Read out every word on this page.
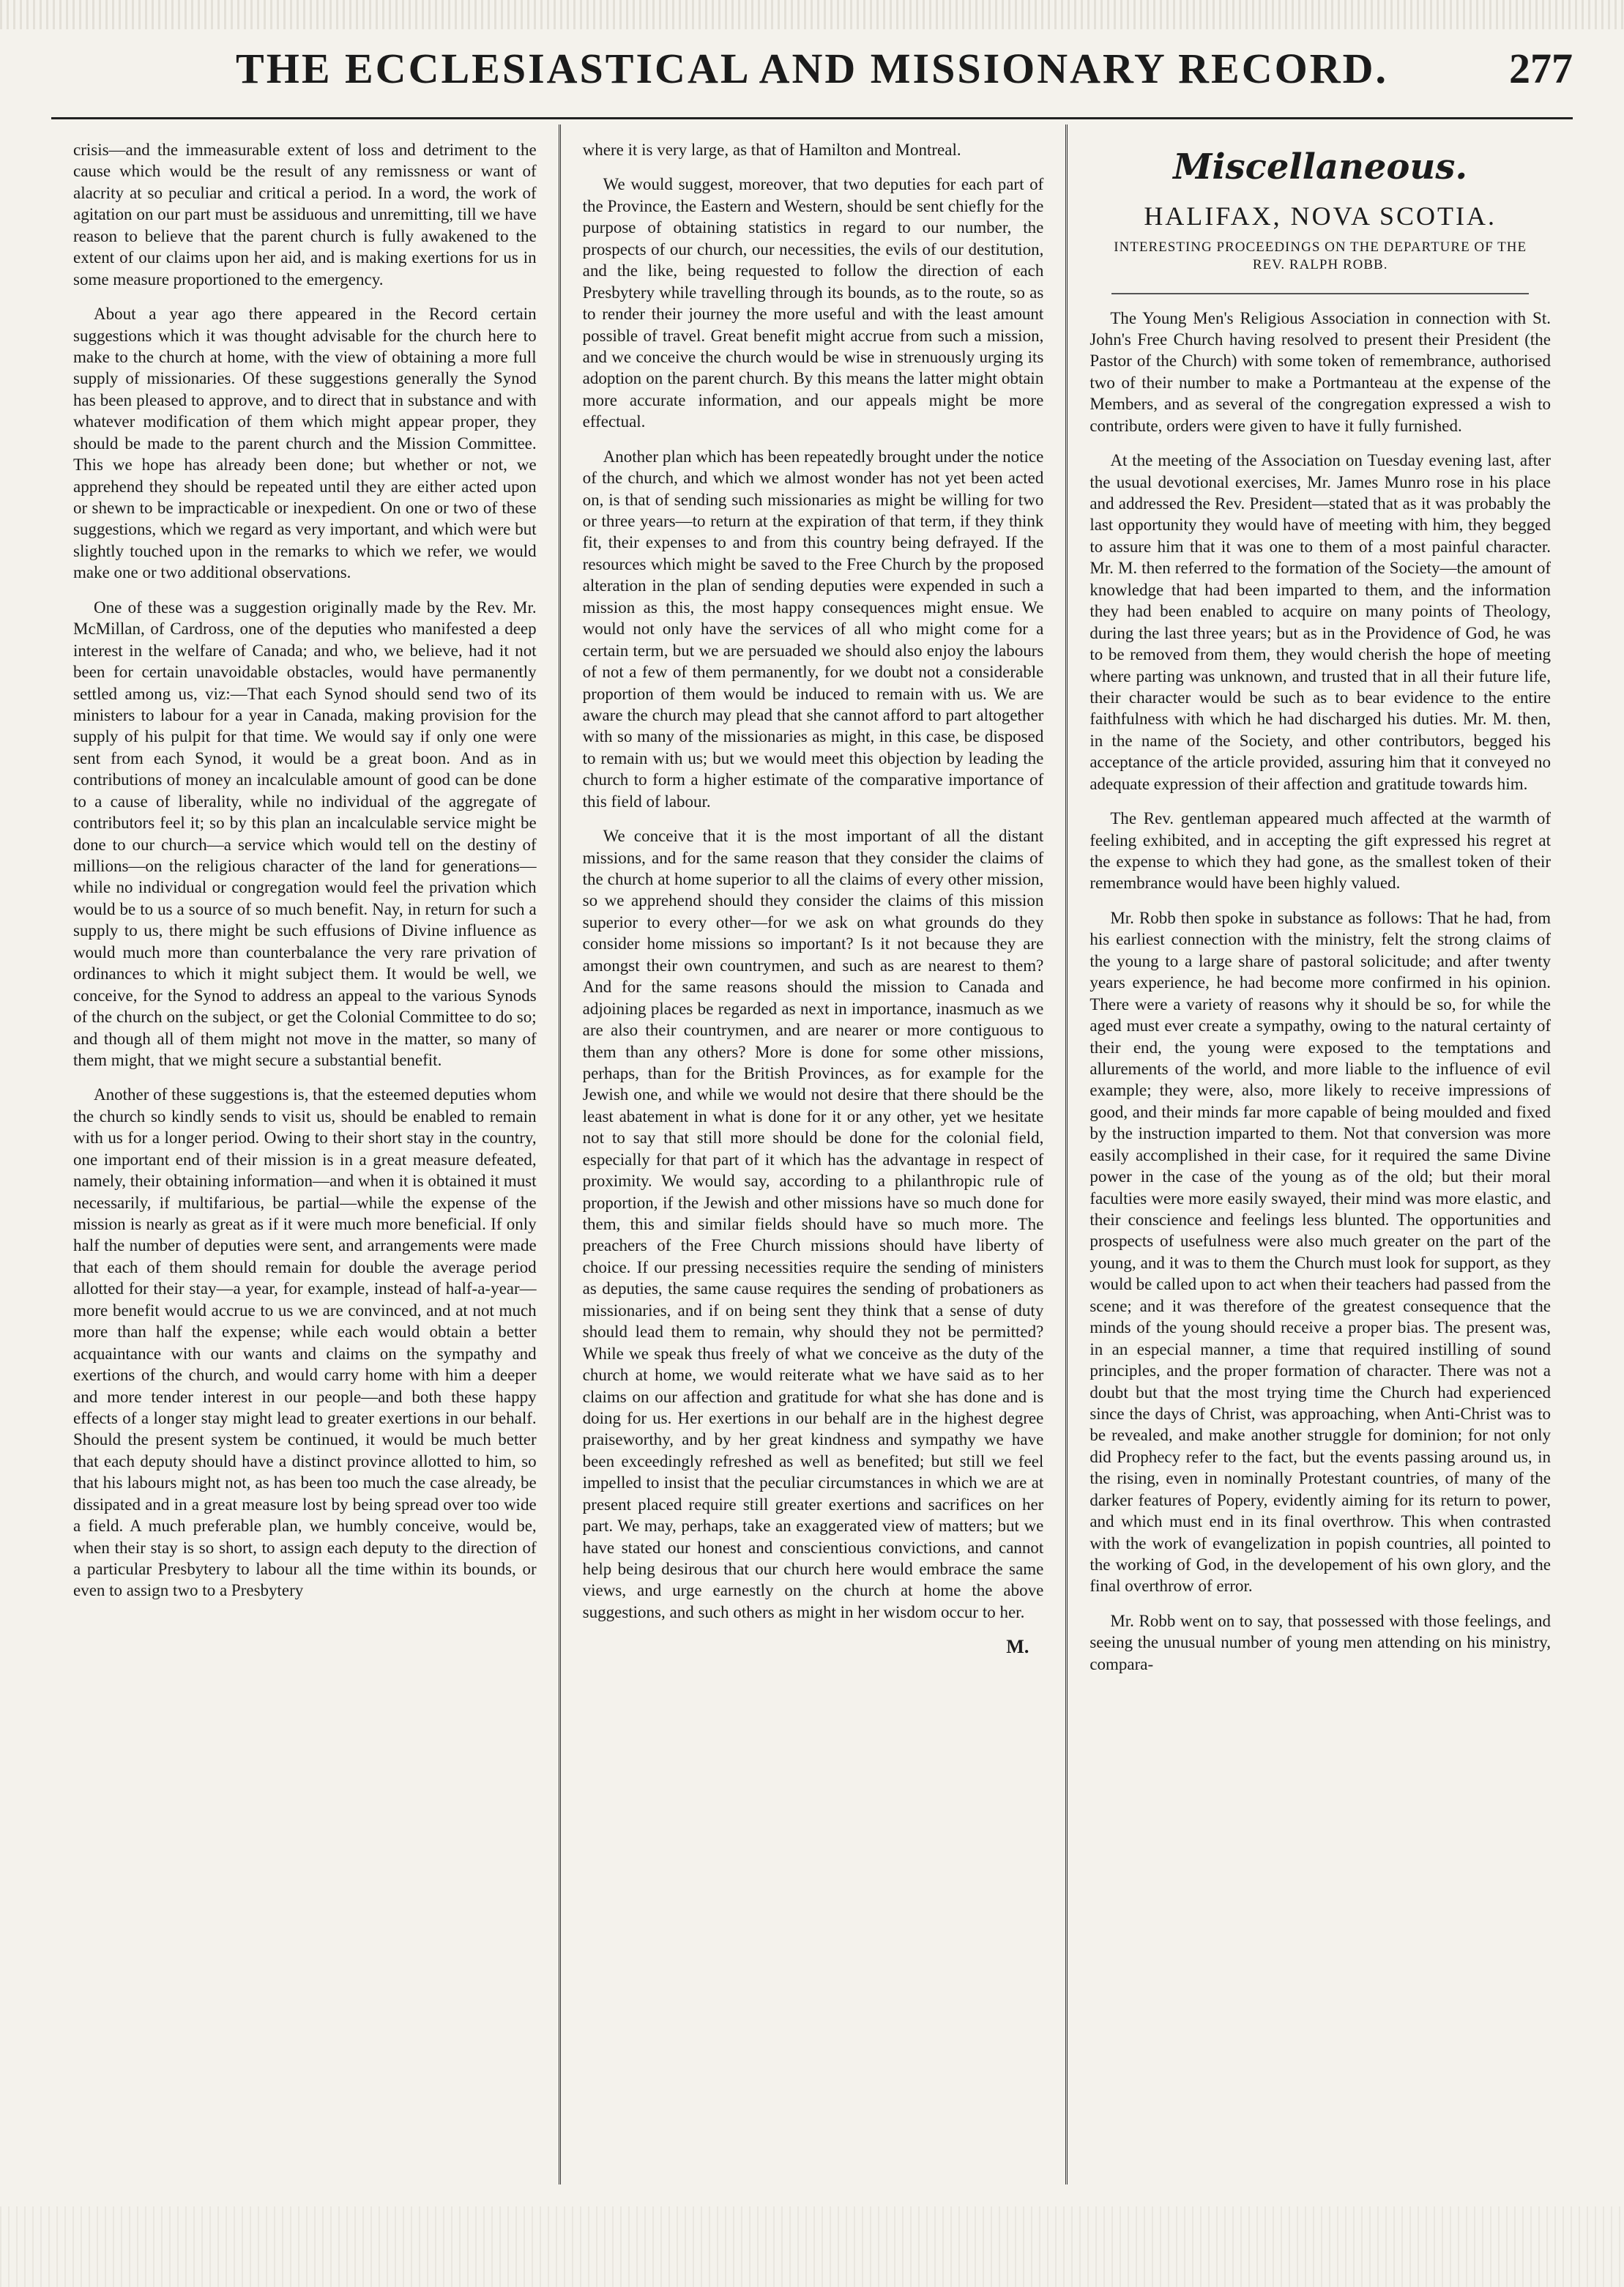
THE ECCLESIASTICAL AND MISSIONARY RECORD.	277

crisis—and the immeasurable extent of loss and detriment to the cause which would be the result of any remissness or want of alacrity at so peculiar and critical a period. In a word, the work of agitation on our part must be assiduous and unremitting, till we have reason to believe that the parent church is fully awakened to the extent of our claims upon her aid, and is making exertions for us in some measure proportioned to the emergency.

About a year ago there appeared in the Record certain suggestions which it was thought advisable for the church here to make to the church at home, with the view of obtaining a more full supply of missionaries. Of these suggestions generally the Synod has been pleased to approve, and to direct that in substance and with whatever modification of them which might appear proper, they should be made to the parent church and the Mission Committee. This we hope has already been done; but whether or not, we apprehend they should be repeated until they are either acted upon or shewn to be impracticable or inexpedient. On one or two of these suggestions, which we regard as very important, and which were but slightly touched upon in the remarks to which we refer, we would make one or two additional observations.

One of these was a suggestion originally made by the Rev. Mr. McMillan, of Cardross, one of the deputies who manifested a deep interest in the welfare of Canada; and who, we believe, had it not been for certain unavoidable obstacles, would have permanently settled among us, viz:—That each Synod should send two of its ministers to labour for a year in Canada, making provision for the supply of his pulpit for that time. We would say if only one were sent from each Synod, it would be a great boon. And as in contributions of money an incalculable amount of good can be done to a cause of liberality, while no individual of the aggregate of contributors feel it; so by this plan an incalculable service might be done to our church—a service which would tell on the destiny of millions—on the religious character of the land for generations—while no individual or congregation would feel the privation which would be to us a source of so much benefit. Nay, in return for such a supply to us, there might be such effusions of Divine influence as would much more than counterbalance the very rare privation of ordinances to which it might subject them. It would be well, we conceive, for the Synod to address an appeal to the various Synods of the church on the subject, or get the Colonial Committee to do so; and though all of them might not move in the matter, so many of them might, that we might secure a substantial benefit.

Another of these suggestions is, that the esteemed deputies whom the church so kindly sends to visit us, should be enabled to remain with us for a longer period. Owing to their short stay in the country, one important end of their mission is in a great measure defeated, namely, their obtaining information—and when it is obtained it must necessarily, if multifarious, be partial—while the expense of the mission is nearly as great as if it were much more beneficial. If only half the number of deputies were sent, and arrangements were made that each of them should remain for double the average period allotted for their stay—a year, for example, instead of half-a-year—more benefit would accrue to us we are convinced, and at not much more than half the expense; while each would obtain a better acquaintance with our wants and claims on the sympathy and exertions of the church, and would carry home with him a deeper and more tender interest in our people—and both these happy effects of a longer stay might lead to greater exertions in our behalf. Should the present system be continued, it would be much better that each deputy should have a distinct province allotted to him, so that his labours might not, as has been too much the case already, be dissipated and in a great measure lost by being spread over too wide a field. A much preferable plan, we humbly conceive, would be, when their stay is so short, to assign each deputy to the direction of a particular Presbytery to labour all the time within its bounds, or even to assign two to a Presbytery

where it is very large, as that of Hamilton and Montreal.

We would suggest, moreover, that two deputies for each part of the Province, the Eastern and Western, should be sent chiefly for the purpose of obtaining statistics in regard to our number, the prospects of our church, our necessities, the evils of our destitution, and the like, being requested to follow the direction of each Presbytery while travelling through its bounds, as to the route, so as to render their journey the more useful and with the least amount possible of travel. Great benefit might accrue from such a mission, and we conceive the church would be wise in strenuously urging its adoption on the parent church. By this means the latter might obtain more accurate information, and our appeals might be more effectual.

Another plan which has been repeatedly brought under the notice of the church, and which we almost wonder has not yet been acted on, is that of sending such missionaries as might be willing for two or three years—to return at the expiration of that term, if they think fit, their expenses to and from this country being defrayed. If the resources which might be saved to the Free Church by the proposed alteration in the plan of sending deputies were expended in such a mission as this, the most happy consequences might ensue. We would not only have the services of all who might come for a certain term, but we are persuaded we should also enjoy the labours of not a few of them permanently, for we doubt not a considerable proportion of them would be induced to remain with us. We are aware the church may plead that she cannot afford to part altogether with so many of the missionaries as might, in this case, be disposed to remain with us; but we would meet this objection by leading the church to form a higher estimate of the comparative importance of this field of labour.

We conceive that it is the most important of all the distant missions, and for the same reason that they consider the claims of the church at home superior to all the claims of every other mission, so we apprehend should they consider the claims of this mission superior to every other—for we ask on what grounds do they consider home missions so important? Is it not because they are amongst their own countrymen, and such as are nearest to them? And for the same reasons should the mission to Canada and adjoining places be regarded as next in importance, inasmuch as we are also their countrymen, and are nearer or more contiguous to them than any others? More is done for some other missions, perhaps, than for the British Provinces, as for example for the Jewish one, and while we would not desire that there should be the least abatement in what is done for it or any other, yet we hesitate not to say that still more should be done for the colonial field, especially for that part of it which has the advantage in respect of proximity. We would say, according to a philanthropic rule of proportion, if the Jewish and other missions have so much done for them, this and similar fields should have so much more. The preachers of the Free Church missions should have liberty of choice. If our pressing necessities require the sending of ministers as deputies, the same cause requires the sending of probationers as missionaries, and if on being sent they think that a sense of duty should lead them to remain, why should they not be permitted? While we speak thus freely of what we conceive as the duty of the church at home, we would reiterate what we have said as to her claims on our affection and gratitude for what she has done and is doing for us. Her exertions in our behalf are in the highest degree praiseworthy, and by her great kindness and sympathy we have been exceedingly refreshed as well as benefited; but still we feel impelled to insist that the peculiar circumstances in which we are at present placed require still greater exertions and sacrifices on her part. We may, perhaps, take an exaggerated view of matters; but we have stated our honest and conscientious convictions, and cannot help being desirous that our church here would embrace the same views, and urge earnestly on the church at home the above suggestions, and such others as might in her wisdom occur to her.

M.
Miscellaneous.
HALIFAX, NOVA SCOTIA.
INTERESTING PROCEEDINGS ON THE DEPARTURE OF THE REV. RALPH ROBB.

The Young Men's Religious Association in connection with St. John's Free Church having resolved to present their President (the Pastor of the Church) with some token of remembrance, authorised two of their number to make a Portmanteau at the expense of the Members, and as several of the congregation expressed a wish to contribute, orders were given to have it fully furnished.

At the meeting of the Association on Tuesday evening last, after the usual devotional exercises, Mr. James Munro rose in his place and addressed the Rev. President—stated that as it was probably the last opportunity they would have of meeting with him, they begged to assure him that it was one to them of a most painful character. Mr. M. then referred to the formation of the Society—the amount of knowledge that had been imparted to them, and the information they had been enabled to acquire on many points of Theology, during the last three years; but as in the Providence of God, he was to be removed from them, they would cherish the hope of meeting where parting was unknown, and trusted that in all their future life, their character would be such as to bear evidence to the entire faithfulness with which he had discharged his duties. Mr. M. then, in the name of the Society, and other contributors, begged his acceptance of the article provided, assuring him that it conveyed no adequate expression of their affection and gratitude towards him.

The Rev. gentleman appeared much affected at the warmth of feeling exhibited, and in accepting the gift expressed his regret at the expense to which they had gone, as the smallest token of their remembrance would have been highly valued.

Mr. Robb then spoke in substance as follows: That he had, from his earliest connection with the ministry, felt the strong claims of the young to a large share of pastoral solicitude; and after twenty years experience, he had become more confirmed in his opinion. There were a variety of reasons why it should be so, for while the aged must ever create a sympathy, owing to the natural certainty of their end, the young were exposed to the temptations and allurements of the world, and more liable to the influence of evil example; they were, also, more likely to receive impressions of good, and their minds far more capable of being moulded and fixed by the instruction imparted to them. Not that conversion was more easily accomplished in their case, for it required the same Divine power in the case of the young as of the old; but their moral faculties were more easily swayed, their mind was more elastic, and their conscience and feelings less blunted. The opportunities and prospects of usefulness were also much greater on the part of the young, and it was to them the Church must look for support, as they would be called upon to act when their teachers had passed from the scene; and it was therefore of the greatest consequence that the minds of the young should receive a proper bias. The present was, in an especial manner, a time that required instilling of sound principles, and the proper formation of character. There was not a doubt but that the most trying time the Church had experienced since the days of Christ, was approaching, when Anti-Christ was to be revealed, and make another struggle for dominion; for not only did Prophecy refer to the fact, but the events passing around us, in the rising, even in nominally Protestant countries, of many of the darker features of Popery, evidently aiming for its return to power, and which must end in its final overthrow. This when contrasted with the work of evangelization in popish countries, all pointed to the working of God, in the developement of his own glory, and the final overthrow of error.

Mr. Robb went on to say, that possessed with those feelings, and seeing the unusual number of young men attending on his ministry, compara-
